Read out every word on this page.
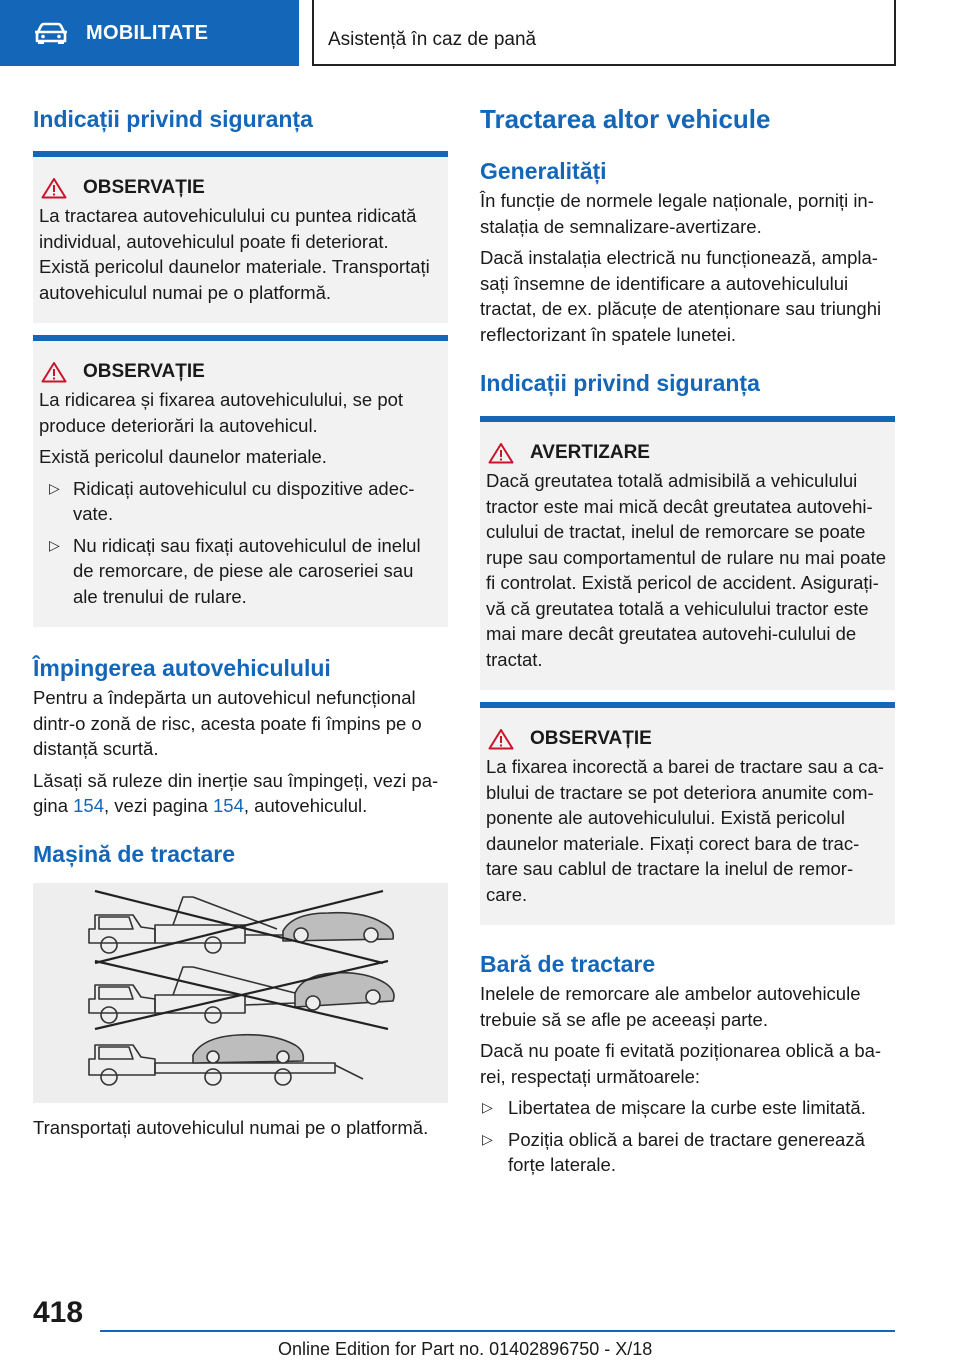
MOBILITATE	Asistență în caz de pană
Indicații privind siguranța
OBSERVAȚIE
La tractarea autovehiculului cu puntea ridicată individual, autovehiculul poate fi deteriorat. Există pericolul daunelor materiale. Transportați autovehiculul numai pe o platformă.
OBSERVAȚIE
La ridicarea și fixarea autovehiculului, se pot produce deteriorări la autovehicul.
Există pericolul daunelor materiale.
▷ Ridicați autovehiculul cu dispozitive adec-vate.
▷ Nu ridicați sau fixați autovehiculul de inelul de remorcare, de piese ale caroseriei sau ale trenului de rulare.
Împingerea autovehiculului
Pentru a îndepărta un autovehicul nefuncțional dintr-o zonă de risc, acesta poate fi împins pe o distanță scurtă.
Lăsați să ruleze din inerție sau împingeți, vezi pa-gina 154, vezi pagina 154, autovehiculul.
Mașină de tractare
Transportați autovehiculul numai pe o platformă.
Tractarea altor vehicule
Generalități
În funcție de normele legale naționale, porniți in-stalația de semnalizare-avertizare.
Dacă instalația electrică nu funcționează, ampla-sați însemne de identificare a autovehiculului tractat, de ex. plăcuțe de atenționare sau triunghi reflectorizant în spatele lunetei.
Indicații privind siguranța
AVERTIZARE
Dacă greutatea totală admisibilă a vehiculului tractor este mai mică decât greutatea autovehi-culului de tractat, inelul de remorcare se poate rupe sau comportamentul de rulare nu mai poate fi controlat. Există pericol de accident. Asigurați-vă că greutatea totală a vehiculului tractor este mai mare decât greutatea autovehi-culului de tractat.
OBSERVAȚIE
La fixarea incorectă a barei de tractare sau a ca-blului de tractare se pot deteriora anumite com-ponente ale autovehiculului. Există pericolul daunelor materiale. Fixați corect bara de trac-tare sau cablul de tractare la inelul de remor-care.
Bară de tractare
Inelele de remorcare ale ambelor autovehicule trebuie să se afle pe aceeași parte.
Dacă nu poate fi evitată poziționarea oblică a ba-rei, respectați următoarele:
▷ Libertatea de mișcare la curbe este limitată.
▷ Poziția oblică a barei de tractare generează forțe laterale.
418
Online Edition for Part no. 01402896750 - X/18
